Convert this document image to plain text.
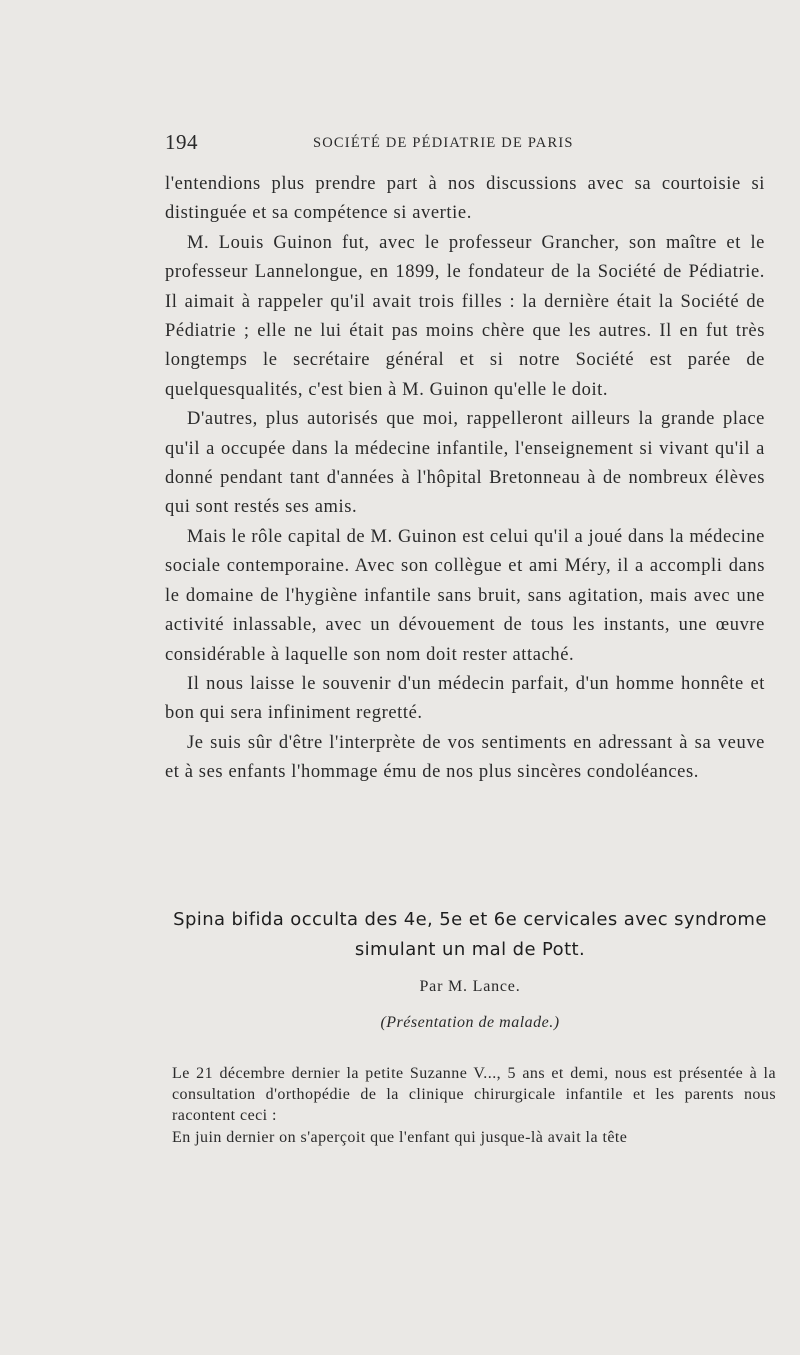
194	SOCIÉTÉ DE PÉDIATRIE DE PARIS

l'entendions plus prendre part à nos discussions avec sa courtoisie si distinguée et sa compétence si avertie.

M. Louis Guinon fut, avec le professeur Grancher, son maître et le professeur Lannelongue, en 1899, le fondateur de la Société de Pédiatrie. Il aimait à rappeler qu'il avait trois filles : la dernière était la Société de Pédiatrie ; elle ne lui était pas moins chère que les autres. Il en fut très longtemps le secrétaire général et si notre Société est parée de quelquesqualités, c'est bien à M. Guinon qu'elle le doit.

D'autres, plus autorisés que moi, rappelleront ailleurs la grande place qu'il a occupée dans la médecine infantile, l'enseignement si vivant qu'il a donné pendant tant d'années à l'hôpital Bretonneau à de nombreux élèves qui sont restés ses amis.

Mais le rôle capital de M. Guinon est celui qu'il a joué dans la médecine sociale contemporaine. Avec son collègue et ami Méry, il a accompli dans le domaine de l'hygiène infantile sans bruit, sans agitation, mais avec une activité inlassable, avec un dévouement de tous les instants, une œuvre considérable à laquelle son nom doit rester attaché.

Il nous laisse le souvenir d'un médecin parfait, d'un homme honnête et bon qui sera infiniment regretté.

Je suis sûr d'être l'interprète de vos sentiments en adressant à sa veuve et à ses enfants l'hommage ému de nos plus sincères condoléances.

Spina bifida occulta des 4e, 5e et 6e cervicales avec syndrome
simulant un mal de Pott.
Par M. Lance.
(Présentation de malade.)

Le 21 décembre dernier la petite Suzanne V..., 5 ans et demi, nous est présentée à la consultation d'orthopédie de la clinique chirurgicale infantile et les parents nous racontent ceci :

En juin dernier on s'aperçoit que l'enfant qui jusque-là avait la tête
